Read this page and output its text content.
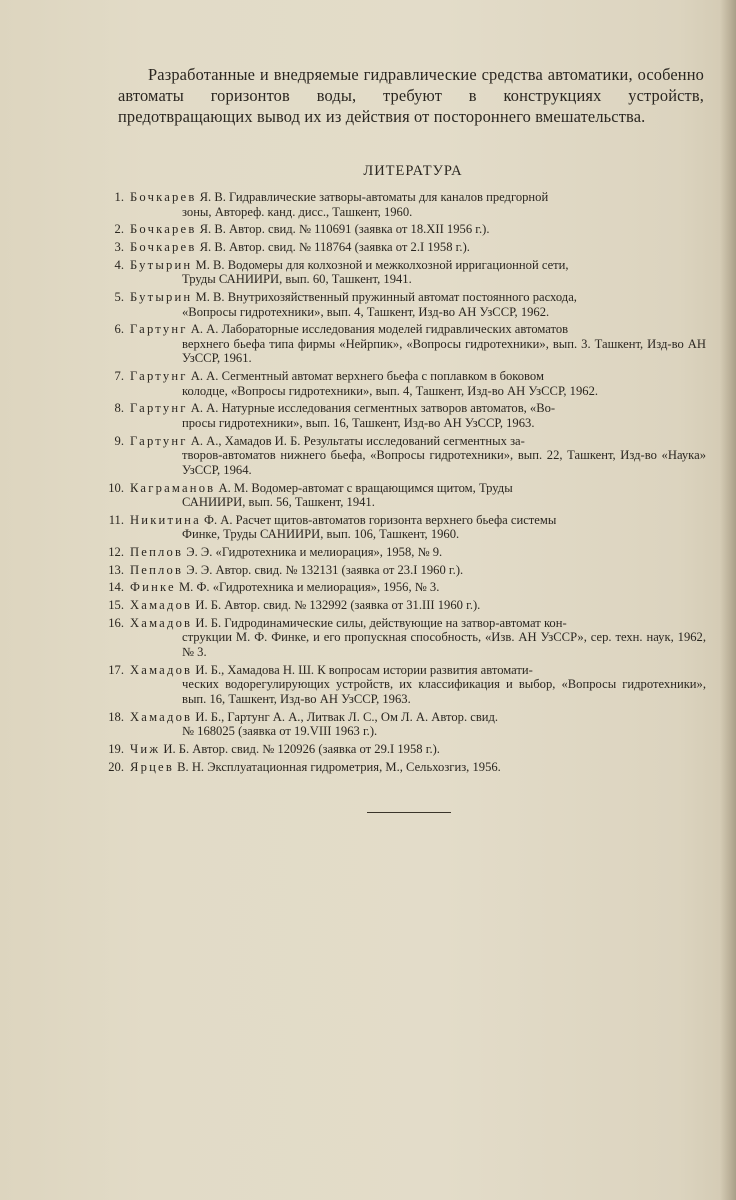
Разработанные и внедряемые гидравлические средства автоматики, особенно автоматы горизонтов воды, требуют в конструкциях устройств, предотвращающих вывод их из действия от постороннего вмешательства.

ЛИТЕРАТУРА
1. Бочкарев Я. В. Гидравлические затворы-автоматы для каналов предгорной
зоны, Автореф. канд. дисс., Ташкент, 1960.
2. Бочкарев Я. В. Автор. свид. № 110691 (заявка от 18.XII 1956 г.).
3. Бочкарев Я. В. Автор. свид. № 118764 (заявка от 2.I 1958 г.).
4. Бутырин М. В. Водомеры для колхозной и межколхозной ирригационной сети,
Труды САНИИРИ, вып. 60, Ташкент, 1941.
5. Бутырин М. В. Внутрихозяйственный пружинный автомат постоянного расхода,
«Вопросы гидротехники», вып. 4, Ташкент, Изд-во АН УзССР, 1962.
6. Гартунг А. А. Лабораторные исследования моделей гидравлических автоматов
верхнего бьефа типа фирмы «Нейрпик», «Вопросы гидротехники», вып. 3. Ташкент, Изд-во АН УзССР, 1961.
7. Гартунг А. А. Сегментный автомат верхнего бьефа с поплавком в боковом
колодце, «Вопросы гидротехники», вып. 4, Ташкент, Изд-во АН УзССР, 1962.
8. Гартунг А. А. Натурные исследования сегментных затворов автоматов, «Во-
просы гидротехники», вып. 16, Ташкент, Изд-во АН УзССР, 1963.
9. Гартунг А. А., Хамадов И. Б. Результаты исследований сегментных за-
творов-автоматов нижнего бьефа, «Вопросы гидротехники», вып. 22, Ташкент, Изд-во «Наука» УзССР, 1964.
10. Каграманов А. М. Водомер-автомат с вращающимся щитом, Труды
САНИИРИ, вып. 56, Ташкент, 1941.
11. Никитина Ф. А. Расчет щитов-автоматов горизонта верхнего бьефа системы
Финке, Труды САНИИРИ, вып. 106, Ташкент, 1960.
12. Пеплов Э. Э. «Гидротехника и мелиорация», 1958, № 9.
13. Пеплов Э. Э. Автор. свид. № 132131 (заявка от 23.I 1960 г.).
14. Финке М. Ф. «Гидротехника и мелиорация», 1956, № 3.
15. Хамадов И. Б. Автор. свид. № 132992 (заявка от 31.III 1960 г.).
16. Хамадов И. Б. Гидродинамические силы, действующие на затвор-автомат кон-
струкции М. Ф. Финке, и его пропускная способность, «Изв. АН УзССР», сер. техн. наук, 1962, № 3.
17. Хамадов И. Б., Хамадова Н. Ш. К вопросам истории развития автомати-
ческих водорегулирующих устройств, их классификация и выбор, «Вопросы гидротехники», вып. 16, Ташкент, Изд-во АН УзССР, 1963.
18. Хамадов И. Б., Гартунг А. А., Литвак Л. С., Ом Л. А. Автор. свид.
№ 168025 (заявка от 19.VIII 1963 г.).
19. Чиж И. Б. Автор. свид. № 120926 (заявка от 29.I 1958 г.).
20. Ярцев В. Н. Эксплуатационная гидрометрия, М., Сельхозгиз, 1956.
